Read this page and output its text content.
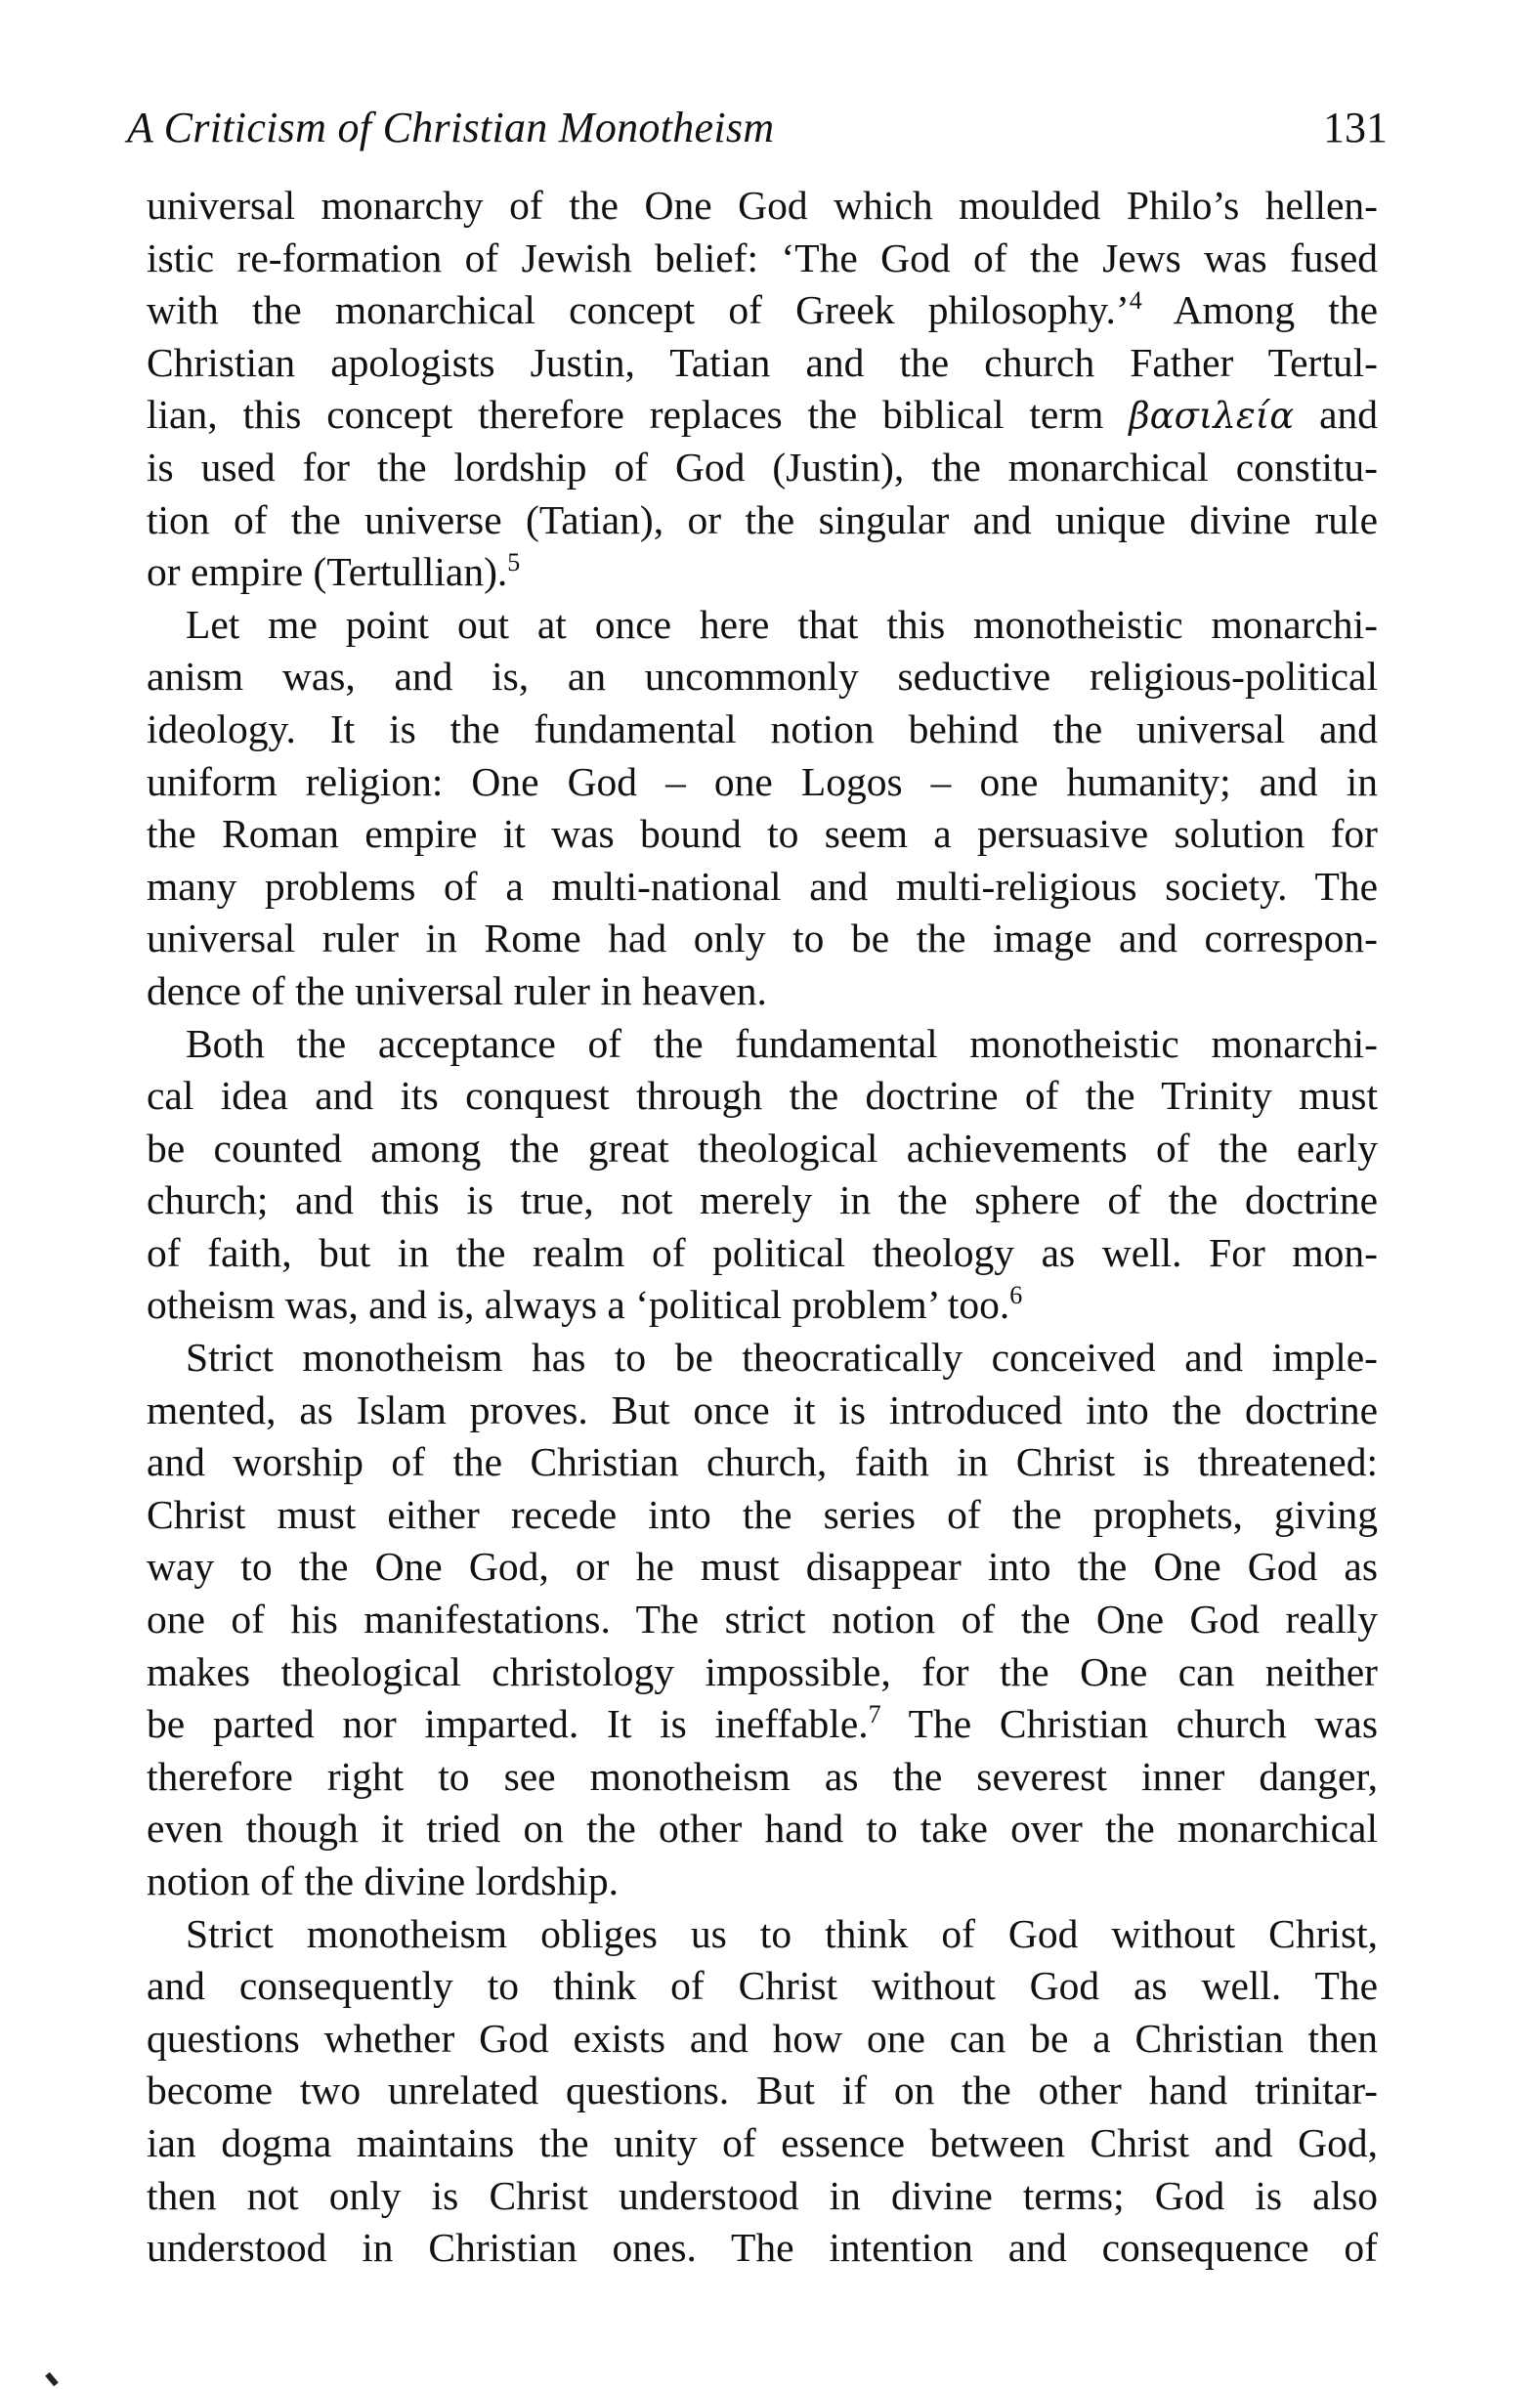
A Criticism of Christian Monotheism	131
universal monarchy of the One God which moulded Philo’s hellen-
istic re-formation of Jewish belief: ‘The God of the Jews was fused
with the monarchical concept of Greek philosophy.’$^4$ Among the
Christian apologists Justin, Tatian and the church Father Tertul-
lian, this concept therefore replaces the biblical term βασιλεία and
is used for the lordship of God (Justin), the monarchical constitu-
tion of the universe (Tatian), or the singular and unique divine rule
or empire (Tertullian).$^5$
Let me point out at once here that this monotheistic monarchi-
anism was, and is, an uncommonly seductive religious-political
ideology. It is the fundamental notion behind the universal and
uniform religion: One God – one Logos – one humanity; and in
the Roman empire it was bound to seem a persuasive solution for
many problems of a multi-national and multi-religious society. The
universal ruler in Rome had only to be the image and correspon-
dence of the universal ruler in heaven.
Both the acceptance of the fundamental monotheistic monarchi-
cal idea and its conquest through the doctrine of the Trinity must
be counted among the great theological achievements of the early
church; and this is true, not merely in the sphere of the doctrine
of faith, but in the realm of political theology as well. For mon-
otheism was, and is, always a ‘political problem’ too.$^6$
Strict monotheism has to be theocratically conceived and imple-
mented, as Islam proves. But once it is introduced into the doctrine
and worship of the Christian church, faith in Christ is threatened:
Christ must either recede into the series of the prophets, giving
way to the One God, or he must disappear into the One God as
one of his manifestations. The strict notion of the One God really
makes theological christology impossible, for the One can neither
be parted nor imparted. It is ineffable.$^7$ The Christian church was
therefore right to see monotheism as the severest inner danger,
even though it tried on the other hand to take over the monarchical
notion of the divine lordship.
Strict monotheism obliges us to think of God without Christ,
and consequently to think of Christ without God as well. The
questions whether God exists and how one can be a Christian then
become two unrelated questions. But if on the other hand trinitar-
ian dogma maintains the unity of essence between Christ and God,
then not only is Christ understood in divine terms; God is also
understood in Christian ones. The intention and consequence of
